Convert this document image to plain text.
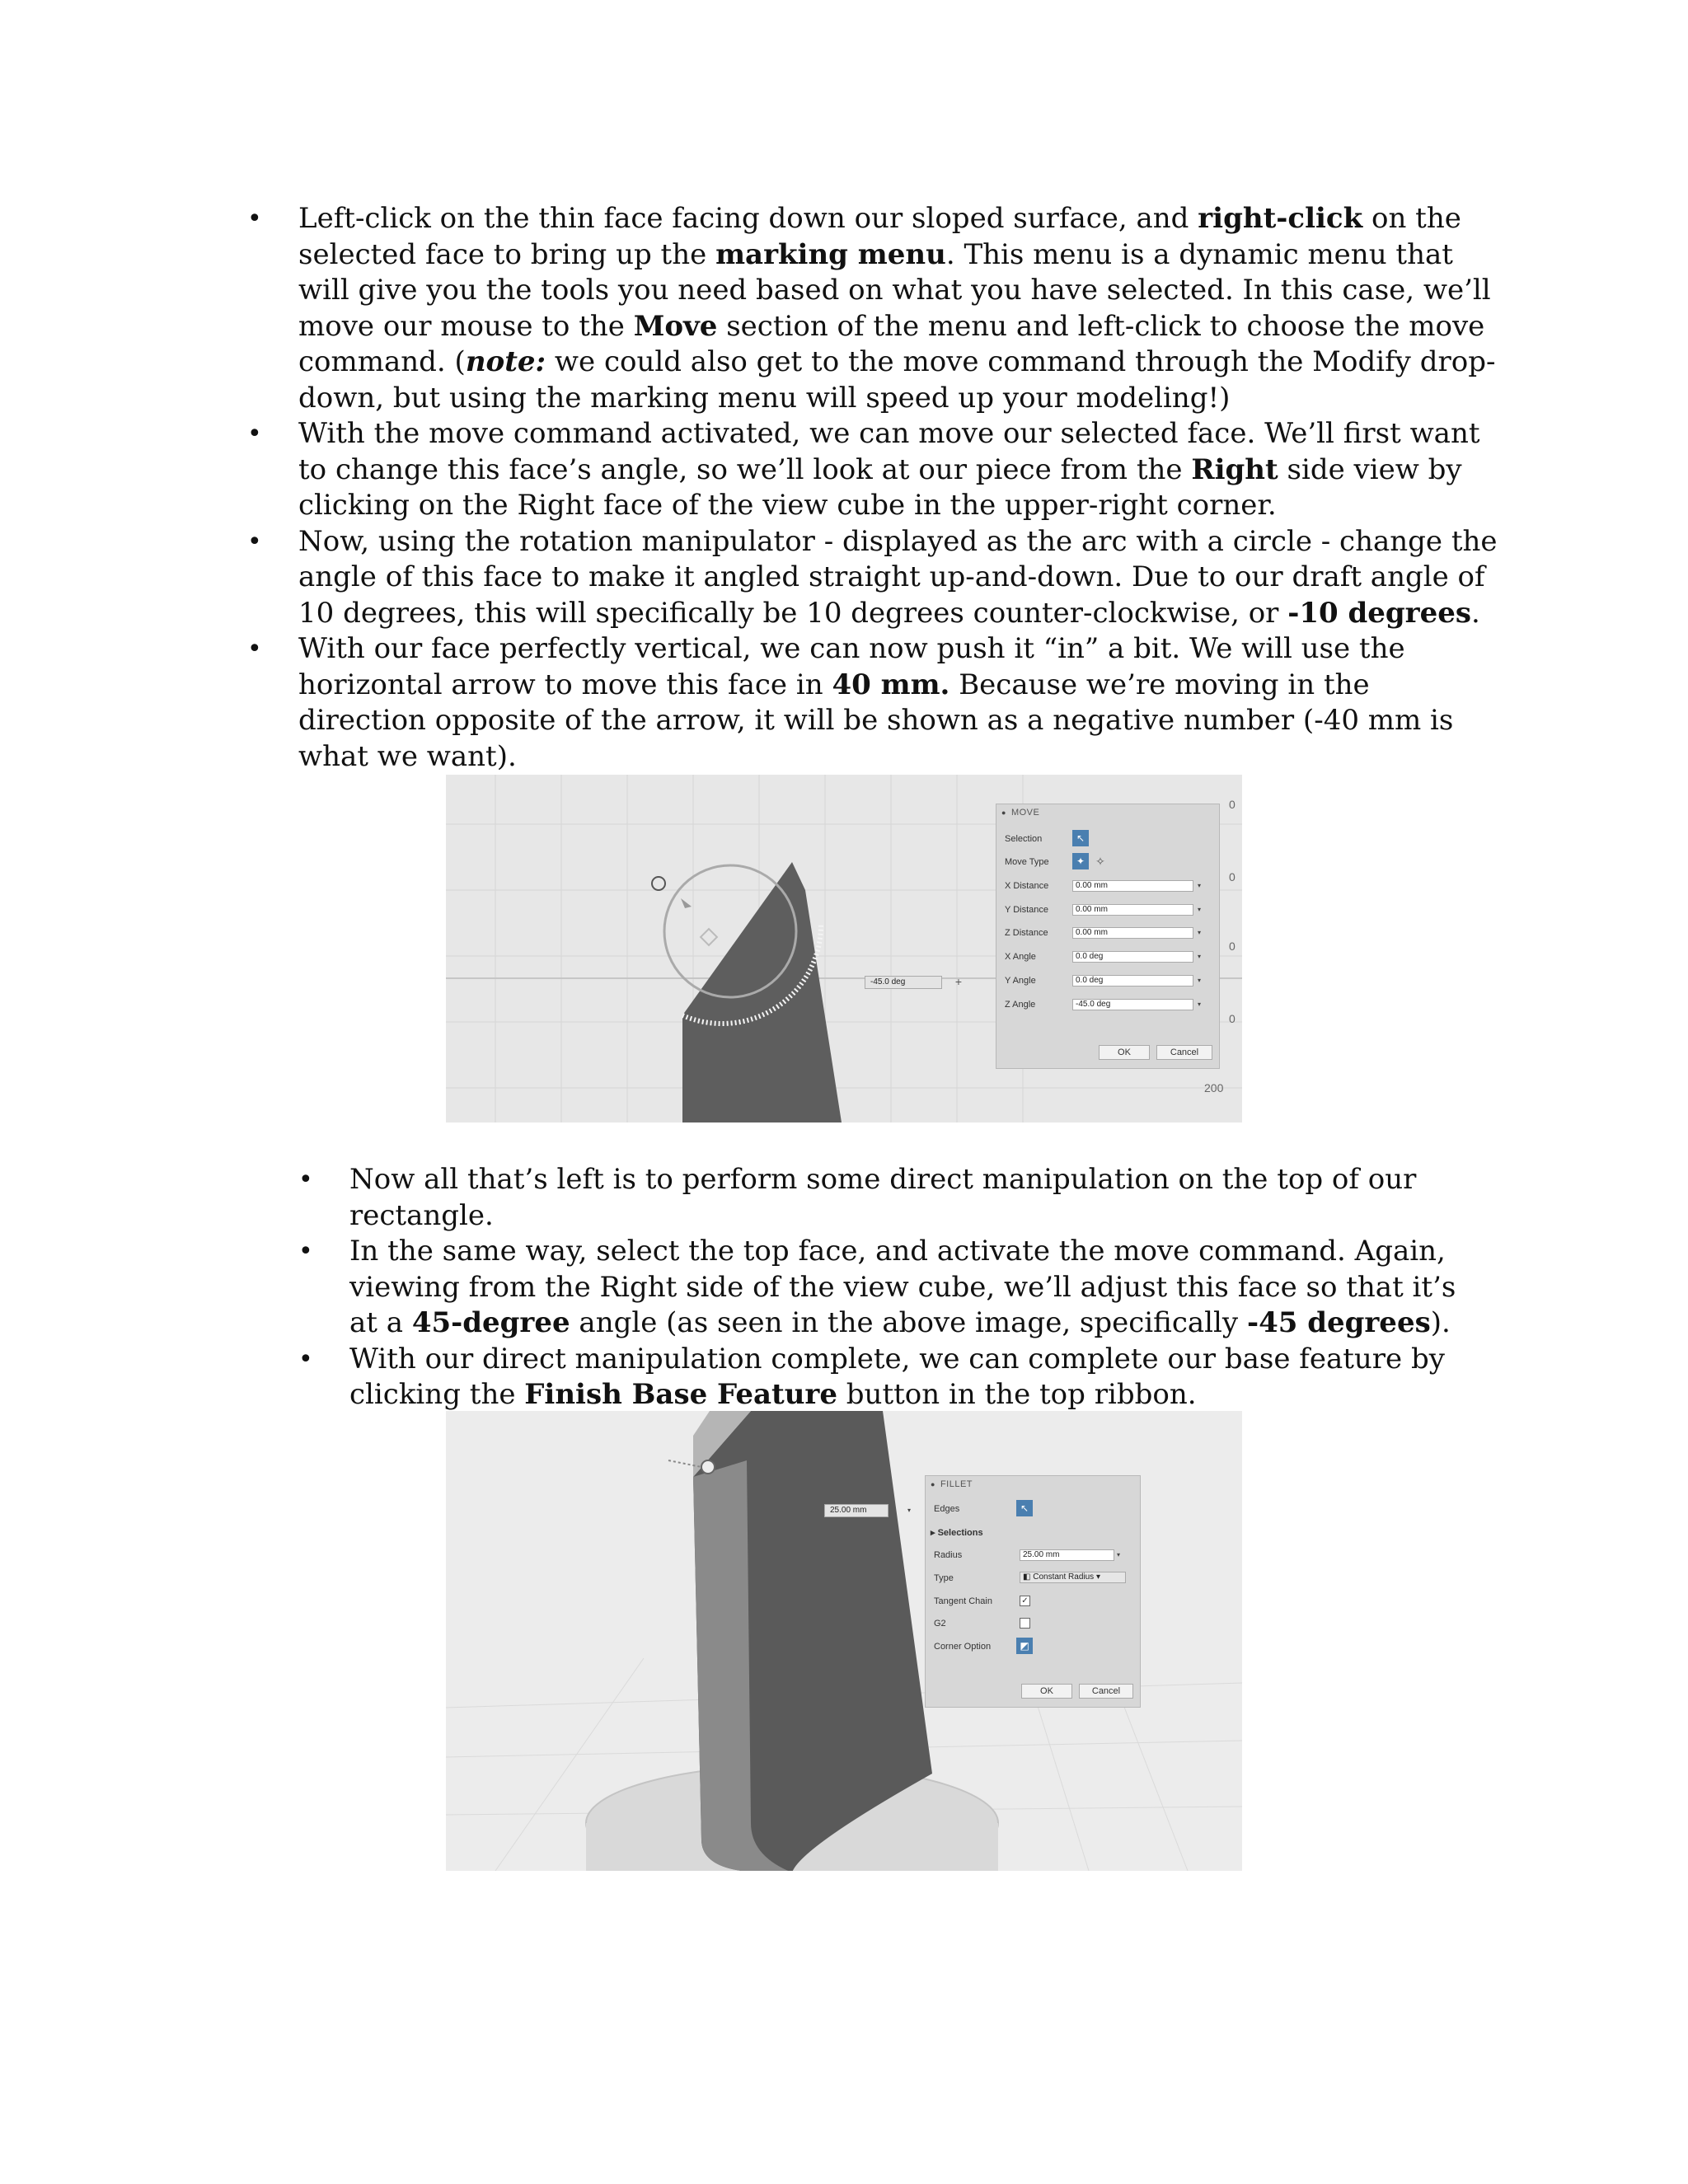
• Left-click on the thin face facing down our sloped surface, and right-click on the selected face to bring up the marking menu. This menu is a dynamic menu that will give you the tools you need based on what you have selected. In this case, we’ll move our mouse to the Move section of the menu and left-click to choose the move command. (note: we could also get to the move command through the Modify drop-down, but using the marking menu will speed up your modeling!)
• With the move command activated, we can move our selected face. We’ll first want to change this face’s angle, so we’ll look at our piece from the Right side view by clicking on the Right face of the view cube in the upper-right corner.
• Now, using the rotation manipulator - displayed as the arc with a circle - change the angle of this face to make it angled straight up-and-down. Due to our draft angle of 10 degrees, this will specifically be 10 degrees counter-clockwise, or -10 degrees.
• With our face perfectly vertical, we can now push it “in” a bit. We will use the horizontal arrow to move this face in 40 mm. Because we’re moving in the direction opposite of the arrow, it will be shown as a negative number (-40 mm is what we want).
-45.0 deg	+
0
0
0
0
200
● MOVE
Selection	↖
Move Type	✦ ✧
X Distance	0.00 mm	▾
Y Distance	0.00 mm	▾
Z Distance	0.00 mm	▾
X Angle	0.0 deg	▾
Y Angle	0.0 deg	▾
Z Angle	-45.0 deg	▾
OK	Cancel
• Now all that’s left is to perform some direct manipulation on the top of our rectangle.
• In the same way, select the top face, and activate the move command. Again, viewing from the Right side of the view cube, we’ll adjust this face so that it’s at a 45-degree angle (as seen in the above image, specifically -45 degrees).
• With our direct manipulation complete, we can complete our base feature by clicking the Finish Base Feature button in the top ribbon.
25.00 mm	▾
● FILLET
Edges	↖
▸ Selections
Radius	25.00 mm	▾
Type	◧ Constant Radius ▾
Tangent Chain	✓
G2
Corner Option	◩
OK	Cancel
